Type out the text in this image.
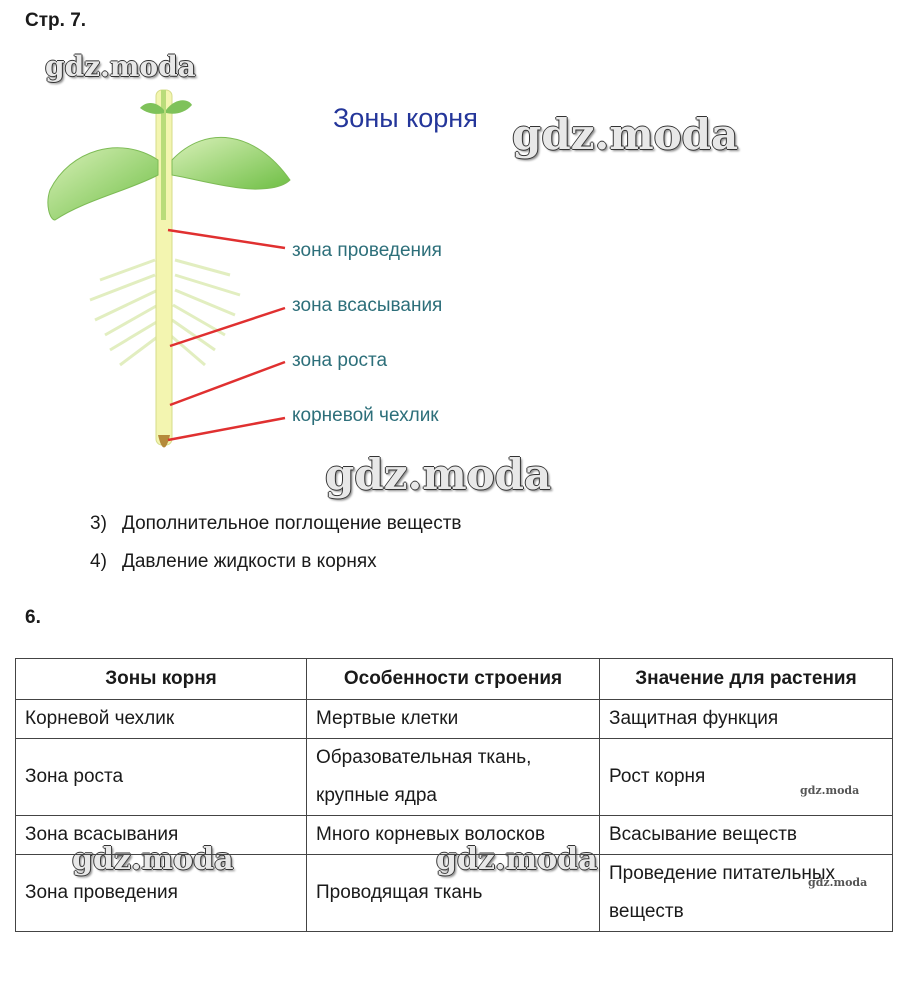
Стр. 7.
Зоны корня
зона проведения
зона всасывания
зона роста
корневой чехлик
gdz.moda
gdz.moda
gdz.moda
gdz.moda	gdz.moda
gdz.moda
gdz.moda
3) Дополнительное поглощение веществ
4) Давление жидкости в корнях
6.
Зоны корня	Особенности строения	Значение для растения
Корневой чехлик	Мертвые клетки	Защитная функция
Зона роста	Образовательная ткань, крупные ядра	Рост корня
Зона всасывания	Много корневых волосков	Всасывание веществ
Зона проведения	Проводящая ткань	Проведение питательных веществ
